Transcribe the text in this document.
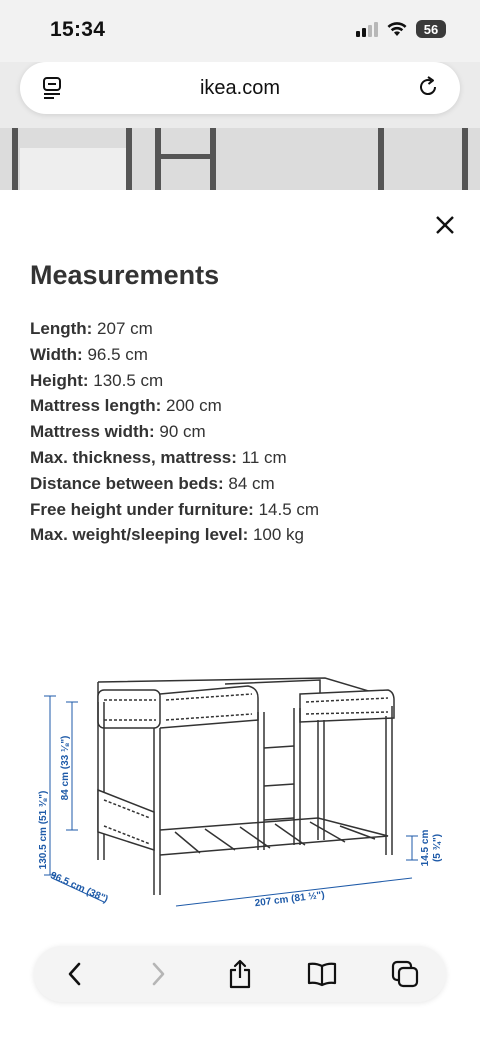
15:34	56
ikea.com
Measurements
Length: 207 cm
Width: 96.5 cm
Height: 130.5 cm
Mattress length: 200 cm
Mattress width: 90 cm
Max. thickness, mattress: 11 cm
Distance between beds: 84 cm
Free height under furniture: 14.5 cm
Max. weight/sleeping level: 100 kg
130.5 cm (51 ⅜")
84 cm (33 ⅛")
14.5 cm (5 ¾")
96.5 cm (38")	207 cm (81 ½")
